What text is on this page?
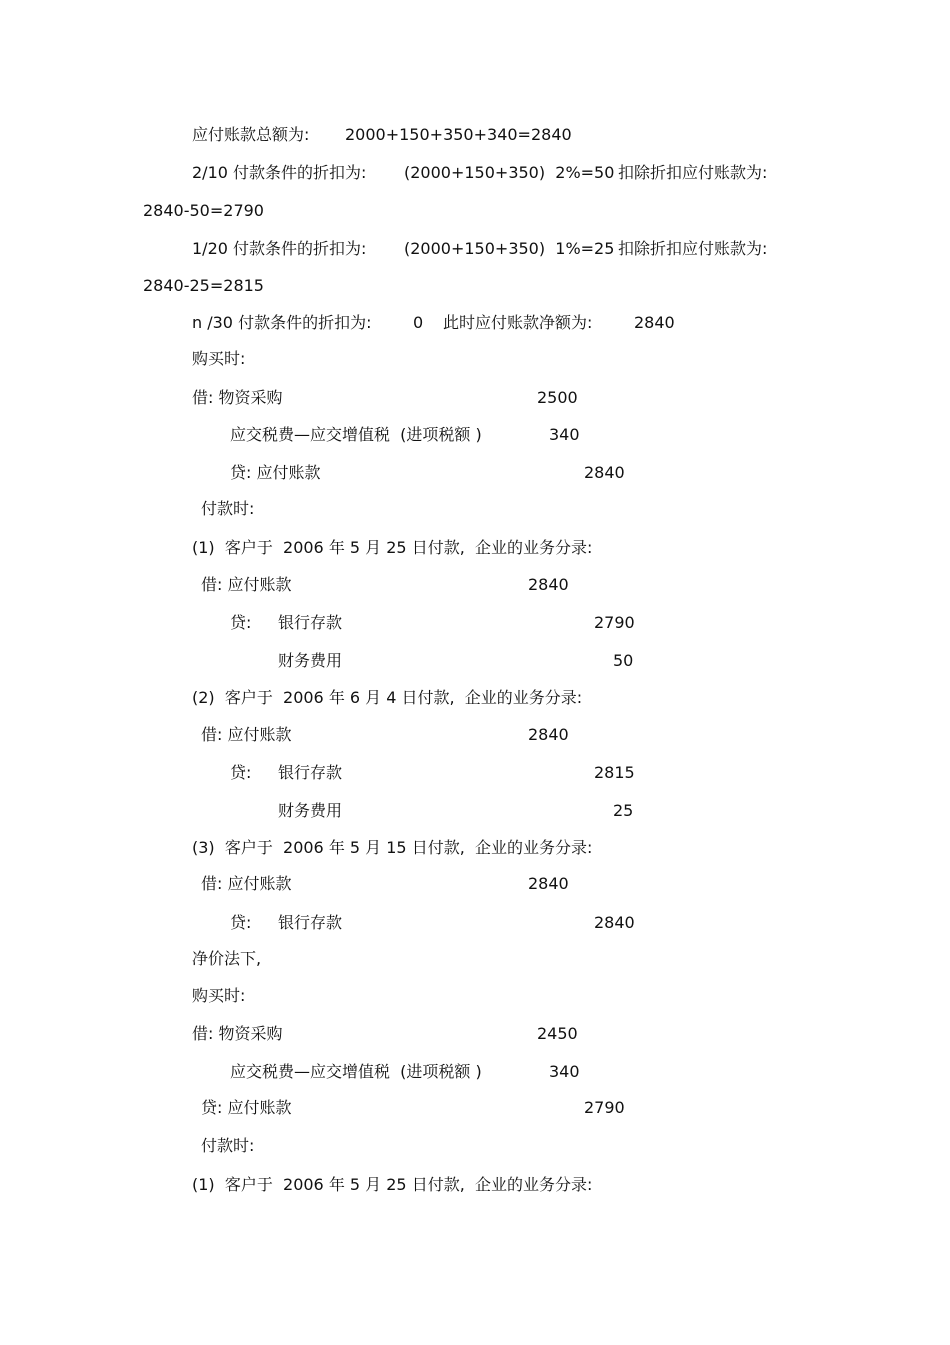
应付账款总额为: 2000+150+350+340=2840
2/10 付款条件的折扣为: (2000+150+350)  2%=50 扣除折扣应付账款为:
2840-50=2790
1/20 付款条件的折扣为: (2000+150+350)  1%=25 扣除折扣应付账款为:
2840-25=2815
n /30 付款条件的折扣为:	0 此时应付账款净额为:	2840
购买时:
借: 物资采购	2500
应交税费—应交增值税  (进项税额 )	340
贷: 应付账款	2840
付款时:
(1)  客户于  2006 年 5 月 25 日付款,  企业的业务分录:
借: 应付账款	2840
贷: 银行存款	2790
财务费用	50
(2)  客户于  2006 年 6 月 4 日付款,  企业的业务分录:
借: 应付账款	2840
贷: 银行存款	2815
财务费用	25
(3)  客户于  2006 年 5 月 15 日付款,  企业的业务分录:
借: 应付账款	2840
贷: 银行存款	2840
净价法下,
购买时:
借: 物资采购	2450
应交税费—应交增值税  (进项税额 )	340
贷: 应付账款	2790
付款时:
(1)  客户于  2006 年 5 月 25 日付款,  企业的业务分录:
